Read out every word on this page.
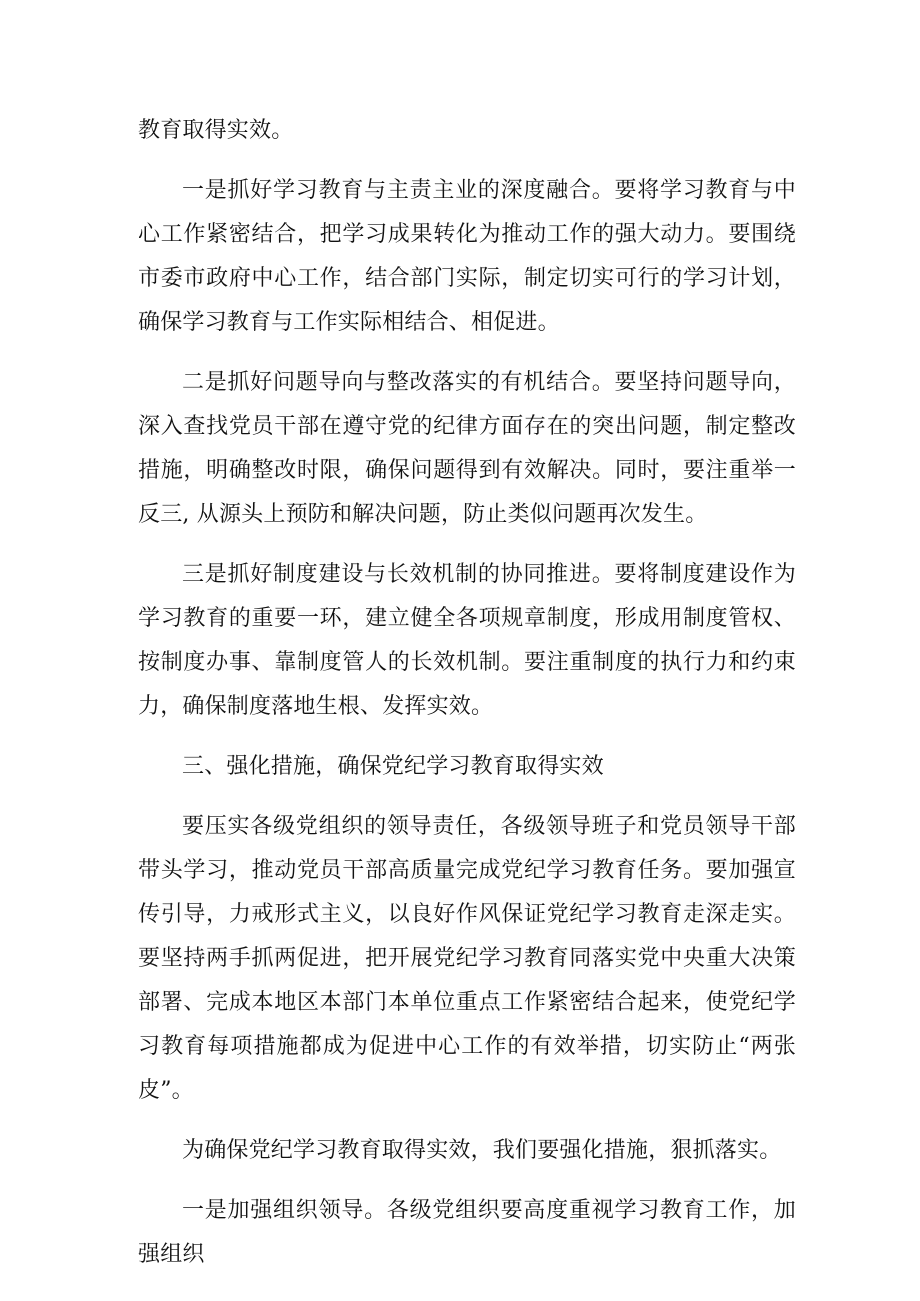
教育取得实效。

一是抓好学习教育与主责主业的深度融合。要将学习教育与中心工作紧密结合，把学习成果转化为推动工作的强大动力。要围绕市委市政府中心工作，结合部门实际，制定切实可行的学习计划，确保学习教育与工作实际相结合、相促进。

二是抓好问题导向与整改落实的有机结合。要坚持问题导向，深入查找党员干部在遵守党的纪律方面存在的突出问题，制定整改措施，明确整改时限，确保问题得到有效解决。同时，要注重举一反三, 从源头上预防和解决问题，防止类似问题再次发生。

三是抓好制度建设与长效机制的协同推进。要将制度建设作为学习教育的重要一环，建立健全各项规章制度，形成用制度管权、按制度办事、靠制度管人的长效机制。要注重制度的执行力和约束力，确保制度落地生根、发挥实效。

三、强化措施，确保党纪学习教育取得实效

要压实各级党组织的领导责任，各级领导班子和党员领导干部带头学习，推动党员干部高质量完成党纪学习教育任务。要加强宣传引导，力戒形式主义，以良好作风保证党纪学习教育走深走实。要坚持两手抓两促进，把开展党纪学习教育同落实党中央重大决策部署、完成本地区本部门本单位重点工作紧密结合起来，使党纪学习教育每项措施都成为促进中心工作的有效举措，切实防止“两张皮”。

为确保党纪学习教育取得实效，我们要强化措施，狠抓落实。

一是加强组织领导。各级党组织要高度重视学习教育工作，加强组织
